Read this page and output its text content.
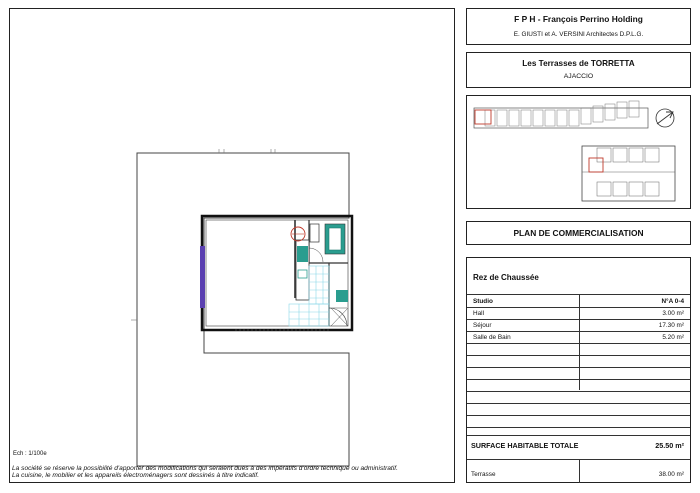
Ech : 1/100e
La société se réserve la possibilité d'apporter des modifications qui seraient dues à des impératifs d'ordre technique ou administratif.
La cuisine, le mobilier et les appareils électroménagers sont dessinés à titre indicatif.
F P H - François Perrino Holding
E. GIUSTI et A. VERSINI Architectes D.P.L.G.
Les Terrasses de TORRETTA
AJACCIO
PLAN DE COMMERCIALISATION
Rez de Chaussée
Studio	N°A 0-4
Hall	3.00 m²
Séjour	17.30 m²
Salle de Bain	5.20 m²
SURFACE HABITABLE TOTALE	25.50 m²
Terrasse	38.00 m²
